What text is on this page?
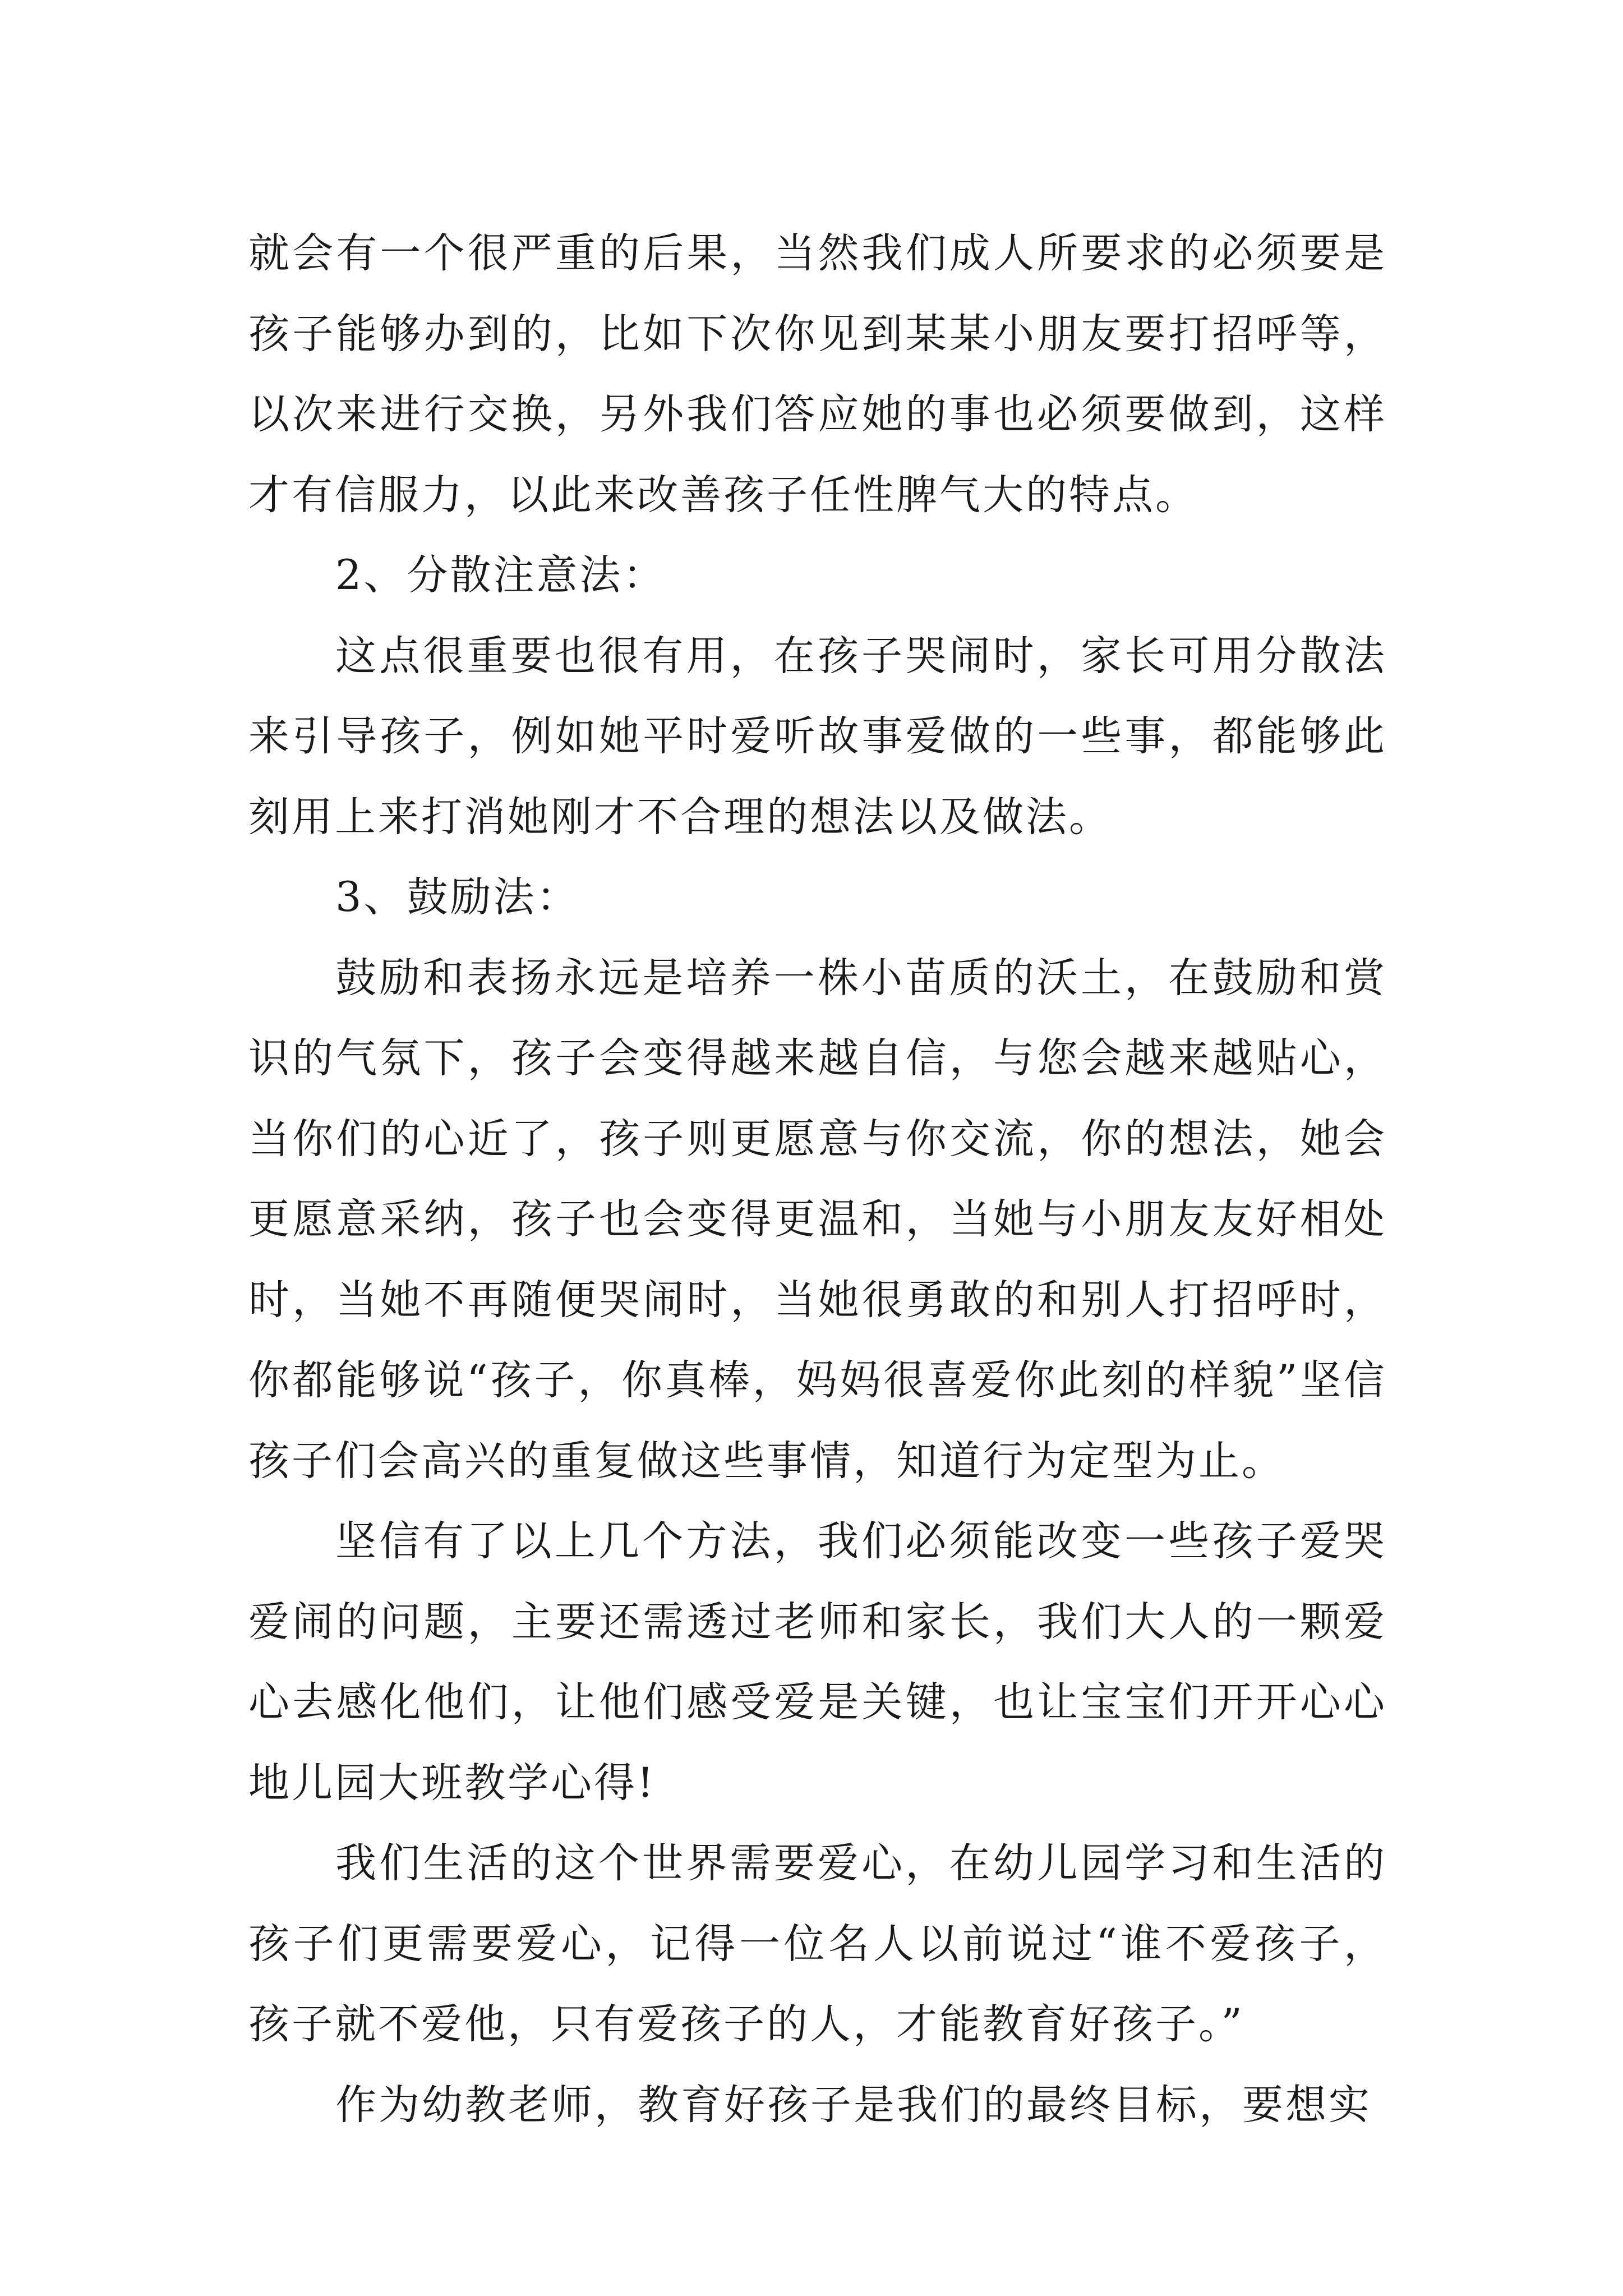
就会有一个很严重的后果，当然我们成人所要求的必须要是孩子能够办到的，比如下次你见到某某小朋友要打招呼等，以次来进行交换，另外我们答应她的事也必须要做到，这样才有信服力，以此来改善孩子任性脾气大的特点。

2、分散注意法：

这点很重要也很有用，在孩子哭闹时，家长可用分散法来引导孩子，例如她平时爱听故事爱做的一些事，都能够此刻用上来打消她刚才不合理的想法以及做法。

3、鼓励法：

鼓励和表扬永远是培养一株小苗质的沃土，在鼓励和赏识的气氛下，孩子会变得越来越自信，与您会越来越贴心，当你们的心近了，孩子则更愿意与你交流，你的想法，她会更愿意采纳，孩子也会变得更温和，当她与小朋友友好相处时，当她不再随便哭闹时，当她很勇敢的和别人打招呼时，你都能够说“孩子，你真棒，妈妈很喜爱你此刻的样貌”坚信孩子们会高兴的重复做这些事情，知道行为定型为止。

坚信有了以上几个方法，我们必须能改变一些孩子爱哭爱闹的问题，主要还需透过老师和家长，我们大人的一颗爱心去感化他们，让他们感受爱是关键，也让宝宝们开开心心地儿园大班教学心得!

我们生活的这个世界需要爱心，在幼儿园学习和生活的孩子们更需要爱心，记得一位名人以前说过“谁不爱孩子，孩子就不爱他，只有爱孩子的人，才能教育好孩子。”

作为幼教老师，教育好孩子是我们的最终目标，要想实
